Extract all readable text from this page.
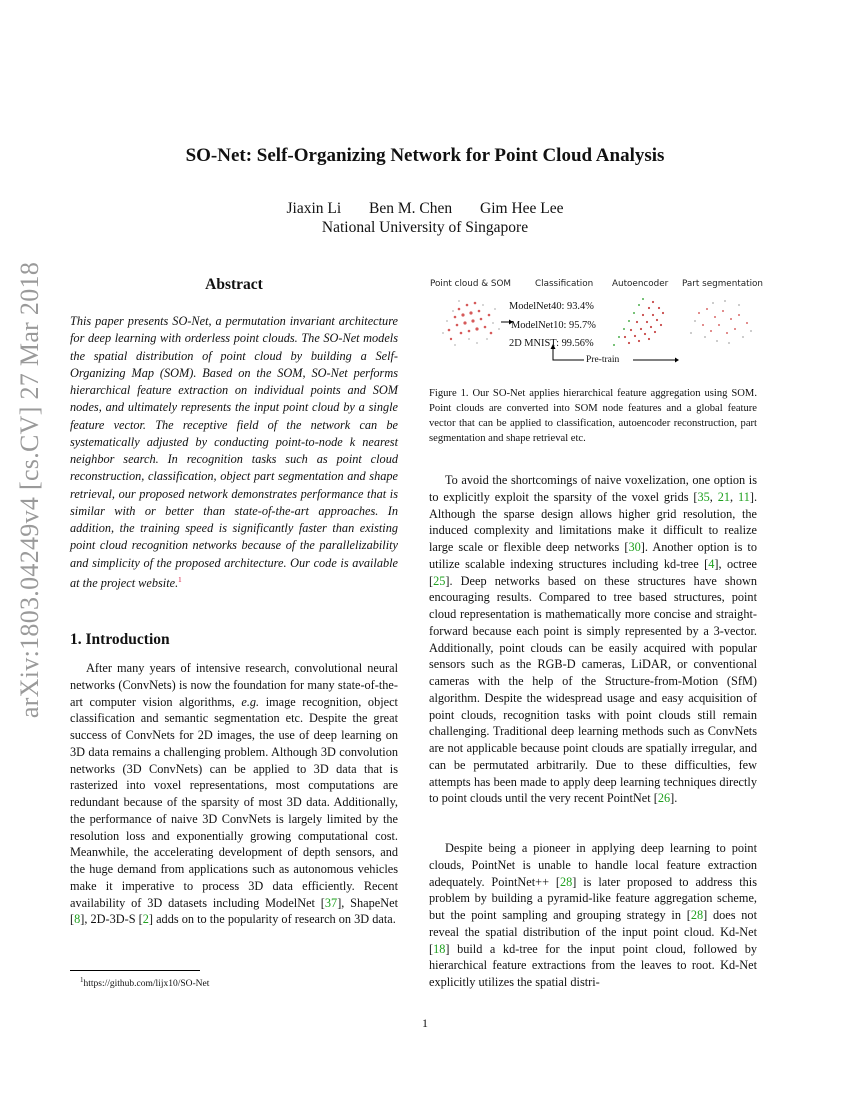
arXiv:1803.04249v4 [cs.CV] 27 Mar 2018
SO-Net: Self-Organizing Network for Point Cloud Analysis
Jiaxin Li Ben M. Chen Gim Hee Lee
National University of Singapore
Abstract
This paper presents SO-Net, a permutation invariant architecture for deep learning with orderless point clouds. The SO-Net models the spatial distribution of point cloud by building a Self-Organizing Map (SOM). Based on the SOM, SO-Net performs hierarchical feature extraction on individual points and SOM nodes, and ultimately represents the input point cloud by a single feature vector. The receptive field of the network can be systematically adjusted by conducting point-to-node k nearest neighbor search. In recognition tasks such as point cloud reconstruction, classification, object part segmentation and shape retrieval, our proposed network demonstrates performance that is similar with or better than state-of-the-art approaches. In addition, the training speed is significantly faster than existing point cloud recognition networks because of the parallelizability and simplicity of the proposed architecture. Our code is available at the project website.$^1$
1. Introduction
After many years of intensive research, convolutional neural networks (ConvNets) is now the foundation for many state-of-the-art computer vision algorithms, e.g. image recognition, object classification and semantic segmentation etc. Despite the great success of ConvNets for 2D images, the use of deep learning on 3D data remains a challenging problem. Although 3D convolution networks (3D ConvNets) can be applied to 3D data that is rasterized into voxel representations, most computations are redundant because of the sparsity of most 3D data. Additionally, the performance of naive 3D ConvNets is largely limited by the resolution loss and exponentially growing computational cost. Meanwhile, the accelerating development of depth sensors, and the huge demand from applications such as autonomous vehicles make it imperative to process 3D data efficiently. Recent availability of 3D datasets including ModelNet [37], ShapeNet [8], 2D-3D-S [2] adds on to the popularity of research on 3D data.
$^1$https://github.com/lijx10/SO-Net
Point cloud & SOM	Classification Autoencoder Part segmentation
ModelNet40: 93.4%
ModelNet10: 95.7%
2D MNIST: 99.56%
Pre-train
Figure 1. Our SO-Net applies hierarchical feature aggregation using SOM. Point clouds are converted into SOM node features and a global feature vector that can be applied to classification, autoencoder reconstruction, part segmentation and shape retrieval etc.
To avoid the shortcomings of naive voxelization, one option is to explicitly exploit the sparsity of the voxel grids [35, 21, 11]. Although the sparse design allows higher grid resolution, the induced complexity and limitations make it difficult to realize large scale or flexible deep networks [30]. Another option is to utilize scalable indexing structures including kd-tree [4], octree [25]. Deep networks based on these structures have shown encouraging results. Compared to tree based structures, point cloud representation is mathematically more concise and straight-forward because each point is simply represented by a 3-vector. Additionally, point clouds can be easily acquired with popular sensors such as the RGB-D cameras, LiDAR, or conventional cameras with the help of the Structure-from-Motion (SfM) algorithm. Despite the widespread usage and easy acquisition of point clouds, recognition tasks with point clouds still remain challenging. Traditional deep learning methods such as ConvNets are not applicable because point clouds are spatially irregular, and can be permutated arbitrarily. Due to these difficulties, few attempts has been made to apply deep learning techniques directly to point clouds until the very recent PointNet [26].
Despite being a pioneer in applying deep learning to point clouds, PointNet is unable to handle local feature extraction adequately. PointNet++ [28] is later proposed to address this problem by building a pyramid-like feature aggregation scheme, but the point sampling and grouping strategy in [28] does not reveal the spatial distribution of the input point cloud. Kd-Net [18] build a kd-tree for the input point cloud, followed by hierarchical feature extractions from the leaves to root. Kd-Net explicitly utilizes the spatial distri-
1
